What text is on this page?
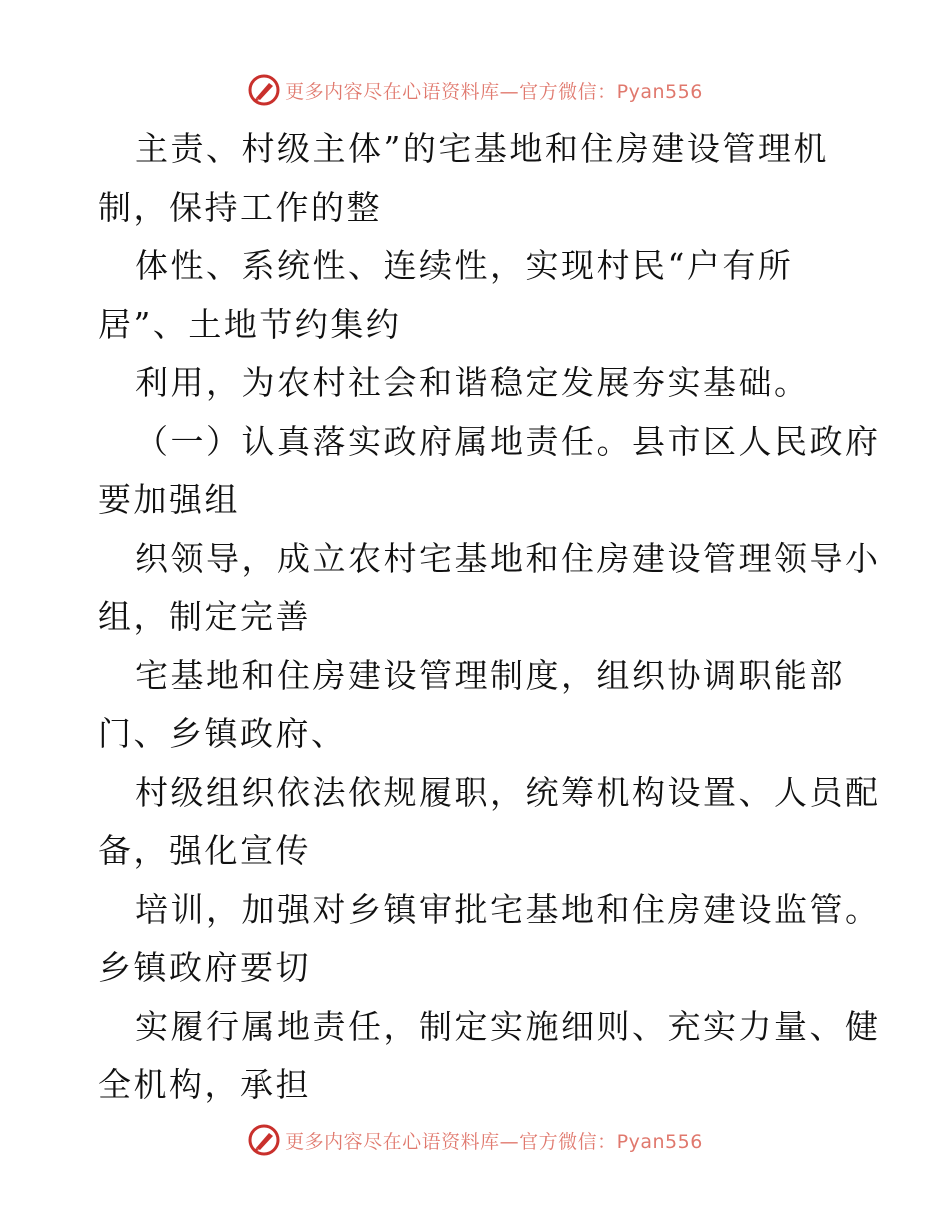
更多内容尽在心语资料库—官方微信：Pyan556
主责、村级主体”的宅基地和住房建设管理机
制，保持工作的整
体性、系统性、连续性，实现村民“户有所
居”、土地节约集约
利用，为农村社会和谐稳定发展夯实基础。
（一）认真落实政府属地责任。县市区人民政府
要加强组
织领导，成立农村宅基地和住房建设管理领导小
组，制定完善
宅基地和住房建设管理制度，组织协调职能部
门、乡镇政府、
村级组织依法依规履职，统筹机构设置、人员配
备，强化宣传
培训，加强对乡镇审批宅基地和住房建设监管。
乡镇政府要切
实履行属地责任，制定实施细则、充实力量、健
全机构，承担
更多内容尽在心语资料库—官方微信：Pyan556
